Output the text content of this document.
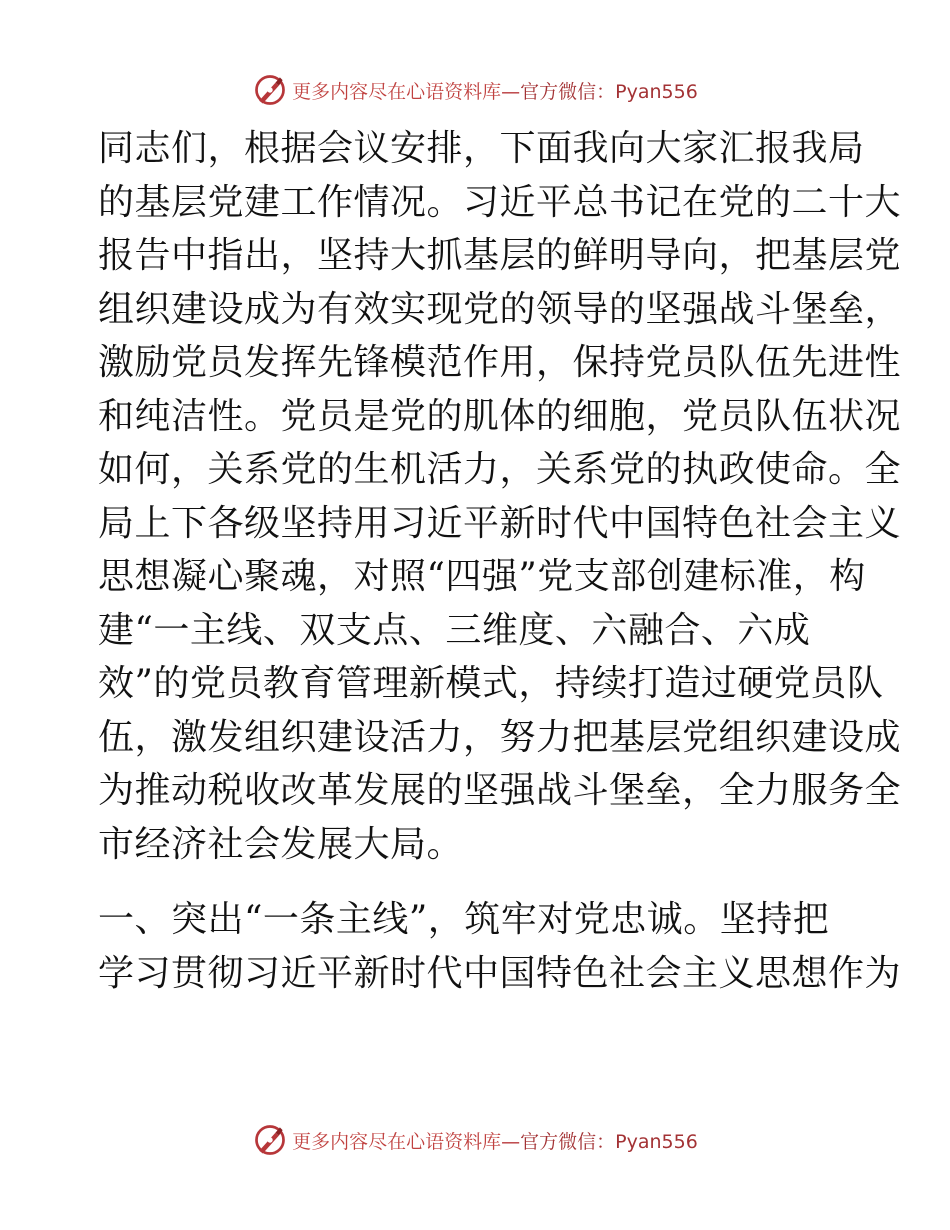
更多内容尽在心语资料库—官方微信：Pyan556
同志们，根据会议安排，下面我向大家汇报我局
的基层党建工作情况。习近平总书记在党的二十大
报告中指出，坚持大抓基层的鲜明导向，把基层党
组织建设成为有效实现党的领导的坚强战斗堡垒，
激励党员发挥先锋模范作用，保持党员队伍先进性
和纯洁性。党员是党的肌体的细胞，党员队伍状况
如何，关系党的生机活力，关系党的执政使命。全
局上下各级坚持用习近平新时代中国特色社会主义
思想凝心聚魂，对照“四强”党支部创建标准，构
建“一主线、双支点、三维度、六融合、六成
效”的党员教育管理新模式，持续打造过硬党员队
伍，激发组织建设活力，努力把基层党组织建设成
为推动税收改革发展的坚强战斗堡垒，全力服务全
市经济社会发展大局。
一、突出“一条主线”，筑牢对党忠诚。坚持把
学习贯彻习近平新时代中国特色社会主义思想作为
更多内容尽在心语资料库—官方微信：Pyan556
